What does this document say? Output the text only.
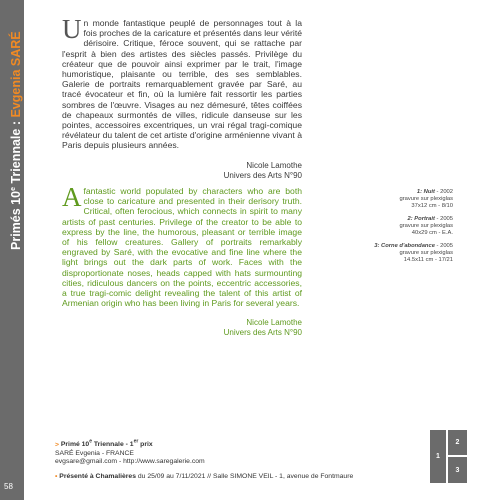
Primés 10e Triennale : Evgenia SARÉ
58
Un monde fantastique peuplé de personnages tout à la fois proches de la caricature et présentés dans leur vérité dérisoire. Critique, féroce souvent, qui se rattache par l'esprit à bien des artistes des siècles passés. Privilège du créateur que de pouvoir ainsi exprimer par le trait, l'image humoristique, plaisante ou terrible, des ses semblables. Galerie de portraits remarquablement gravée par Saré, au tracé évocateur et fin, où la lumière fait ressortir les parties sombres de l'œuvre. Visages au nez démesuré, têtes coiffées de chapeaux surmontés de villes, ridicule danseuse sur les pointes, accessoires excentriques, un vrai régal tragi-comique révélateur du talent de cet artiste d'origine arménienne vivant à Paris depuis plusieurs années.
Nicole Lamothe
Univers des Arts N°90
A fantastic world populated by characters who are both close to caricature and presented in their derisory truth. Critical, often ferocious, which connects in spirit to many artists of past centuries. Privilege of the creator to be able to express by the line, the humorous, pleasant or terrible image of his fellow creatures. Gallery of portraits remarkably engraved by Saré, with the evocative and fine line where the light brings out the dark parts of work. Faces with the disproportionate noses, heads capped with hats surmounting cities, ridiculous dancers on the points, eccentric accessories, a true tragi-comic delight revealing the talent of this artist of Armenian origin who has been living in Paris for several years.
Nicole Lamothe
Univers des Arts N°90
1: Nuit - 2002
gravure sur plexiglas
37x12 cm - 8/10
2: Portrait - 2005
gravure sur plexiglas
40x29 cm - E.A.
3: Corne d'abondance - 2005
gravure sur plexiglas
14.5x11 cm - 17/21
> Primé 10e Triennale - 1er prix
SARÉ Evgenia - FRANCE
evgsare@gmail.com - http://www.saregalerie.com
• Présenté à Chamalières du 25/09 au 7/11/2021 // Salle SIMONE VEIL - 1, avenue de Fontmaure
1
2
3
